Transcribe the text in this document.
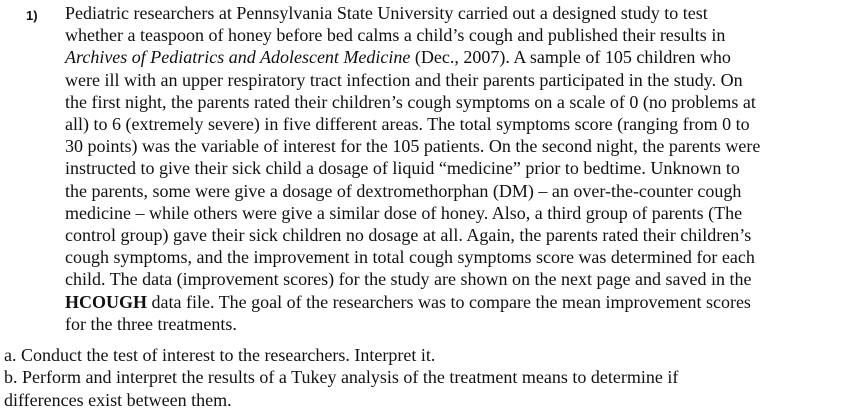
1) Pediatric researchers at Pennsylvania State University carried out a designed study to test
whether a teaspoon of honey before bed calms a child’s cough and published their results in
Archives of Pediatrics and Adolescent Medicine (Dec., 2007). A sample of 105 children who
were ill with an upper respiratory tract infection and their parents participated in the study. On
the first night, the parents rated their children’s cough symptoms on a scale of 0 (no problems at
all) to 6 (extremely severe) in five different areas. The total symptoms score (ranging from 0 to
30 points) was the variable of interest for the 105 patients. On the second night, the parents were
instructed to give their sick child a dosage of liquid “medicine” prior to bedtime. Unknown to
the parents, some were give a dosage of dextromethorphan (DM) – an over-the-counter cough
medicine – while others were give a similar dose of honey. Also, a third group of parents (The
control group) gave their sick children no dosage at all. Again, the parents rated their children’s
cough symptoms, and the improvement in total cough symptoms score was determined for each
child. The data (improvement scores) for the study are shown on the next page and saved in the
HCOUGH data file. The goal of the researchers was to compare the mean improvement scores
for the three treatments.
a. Conduct the test of interest to the researchers. Interpret it.
b. Perform and interpret the results of a Tukey analysis of the treatment means to determine if
differences exist between them.
